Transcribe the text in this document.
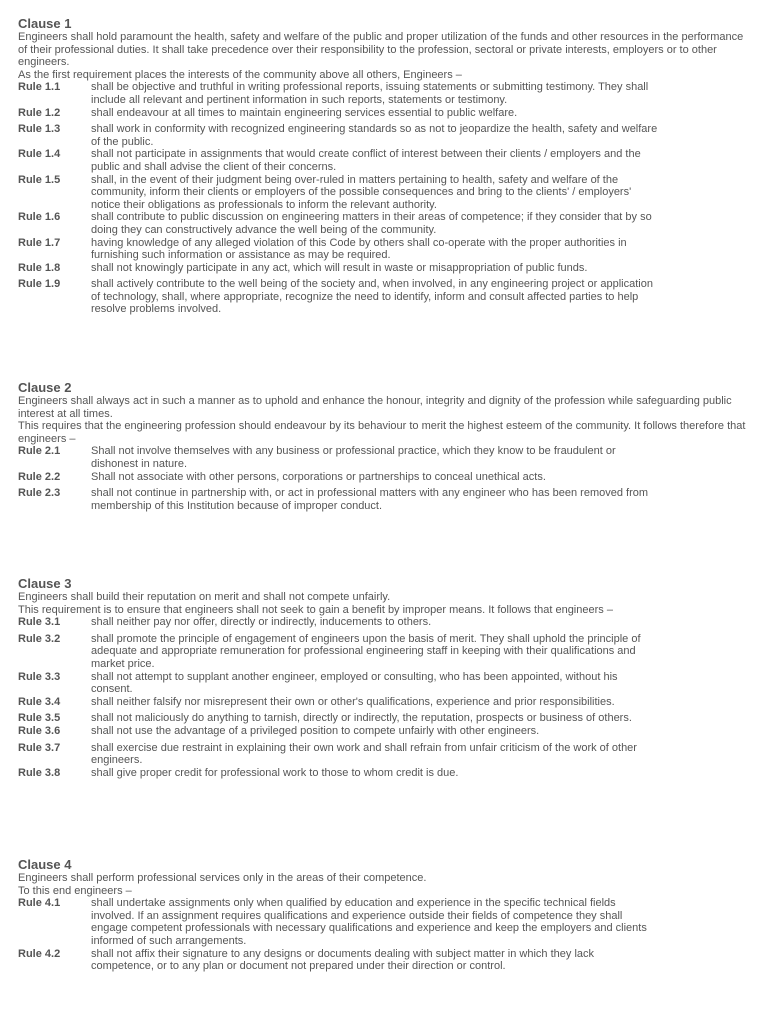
Clause 1
Engineers shall hold paramount the health, safety and welfare of the public and proper utilization of the funds and other resources in the performance of their professional duties. It shall take precedence over their responsibility to the profession, sectoral or private interests, employers or to other engineers.
As the first requirement places the interests of the community above all others, Engineers –
Rule 1.1	shall be objective and truthful in writing professional reports, issuing statements or submitting testimony. They shall include all relevant and pertinent information in such reports, statements or testimony.
Rule 1.2	shall endeavour at all times to maintain engineering services essential to public welfare.
Rule 1.3	shall work in conformity with recognized engineering standards so as not to jeopardize the health, safety and welfare of the public.
Rule 1.4	shall not participate in assignments that would create conflict of interest between their clients / employers and the public and shall advise the client of their concerns.
Rule 1.5	shall, in the event of their judgment being over-ruled in matters pertaining to health, safety and welfare of the community, inform their clients or employers of the possible consequences and bring to the clients' / employers' notice their obligations as professionals to inform the relevant authority.
Rule 1.6	shall contribute to public discussion on engineering matters in their areas of competence; if they consider that by so doing they can constructively advance the well being of the community.
Rule 1.7	having knowledge of any alleged violation of this Code by others shall co-operate with the proper authorities in furnishing such information or assistance as may be required.
Rule 1.8	shall not knowingly participate in any act, which will result in waste or misappropriation of public funds.
Rule 1.9	shall actively contribute to the well being of the society and, when involved, in any engineering project or application of technology, shall, where appropriate, recognize the need to identify, inform and consult affected parties to help resolve problems involved.
Clause 2
Engineers shall always act in such a manner as to uphold and enhance the honour, integrity and dignity of the profession while safeguarding public interest at all times.
This requires that the engineering profession should endeavour by its behaviour to merit the highest esteem of the community. It follows therefore that engineers –
Rule 2.1	Shall not involve themselves with any business or professional practice, which they know to be fraudulent or dishonest in nature.
Rule 2.2	Shall not associate with other persons, corporations or partnerships to conceal unethical acts.
Rule 2.3	shall not continue in partnership with, or act in professional matters with any engineer who has been removed from membership of this Institution because of improper conduct.
Clause 3
Engineers shall build their reputation on merit and shall not compete unfairly.
This requirement is to ensure that engineers shall not seek to gain a benefit by improper means. It follows that engineers –
Rule 3.1	shall neither pay nor offer, directly or indirectly, inducements to others.
Rule 3.2	shall promote the principle of engagement of engineers upon the basis of merit. They shall uphold the principle of adequate and appropriate remuneration for professional engineering staff in keeping with their qualifications and market price.
Rule 3.3	shall not attempt to supplant another engineer, employed or consulting, who has been appointed, without his consent.
Rule 3.4	shall neither falsify nor misrepresent their own or other's qualifications, experience and prior responsibilities.
Rule 3.5	shall not maliciously do anything to tarnish, directly or indirectly, the reputation, prospects or business of others.
Rule 3.6	shall not use the advantage of a privileged position to compete unfairly with other engineers.
Rule 3.7	shall exercise due restraint in explaining their own work and shall refrain from unfair criticism of the work of other engineers.
Rule 3.8	shall give proper credit for professional work to those to whom credit is due.
Clause 4
Engineers shall perform professional services only in the areas of their competence.
To this end engineers –
Rule 4.1	shall undertake assignments only when qualified by education and experience in the specific technical fields involved. If an assignment requires qualifications and experience outside their fields of competence they shall engage competent professionals with necessary qualifications and experience and keep the employers and clients informed of such arrangements.
Rule 4.2	shall not affix their signature to any designs or documents dealing with subject matter in which they lack competence, or to any plan or document not prepared under their direction or control.
